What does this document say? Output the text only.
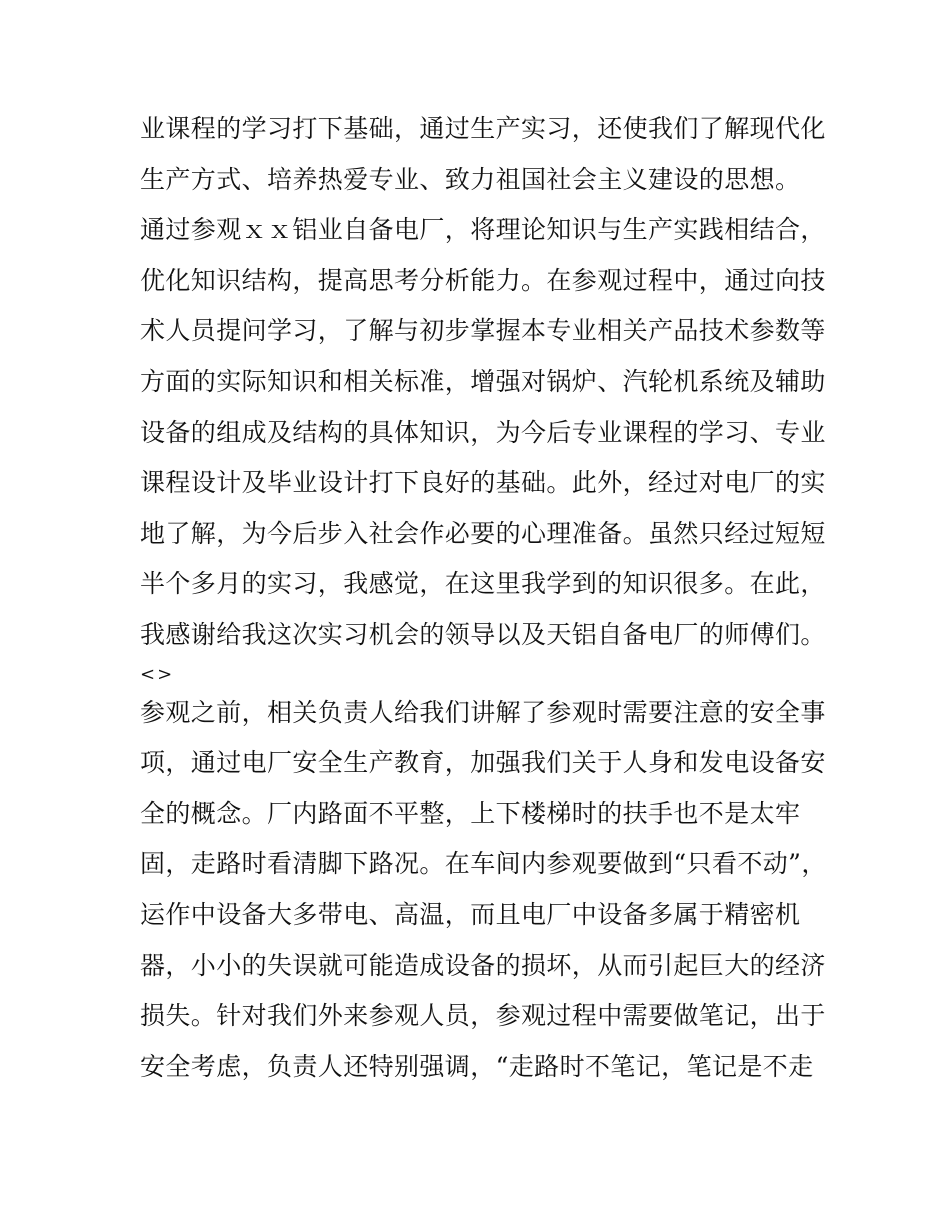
业课程的学习打下基础，通过生产实习，还使我们了解现代化
生产方式、培养热爱专业、致力祖国社会主义建设的思想。
通过参观ｘｘ铝业自备电厂，将理论知识与生产实践相结合，
优化知识结构，提高思考分析能力。在参观过程中，通过向技
术人员提问学习，了解与初步掌握本专业相关产品技术参数等
方面的实际知识和相关标准，增强对锅炉、汽轮机系统及辅助
设备的组成及结构的具体知识，为今后专业课程的学习、专业
课程设计及毕业设计打下良好的基础。此外，经过对电厂的实
地了解，为今后步入社会作必要的心理准备。虽然只经过短短
半个多月的实习，我感觉，在这里我学到的知识很多。在此，
我感谢给我这次实习机会的领导以及天铝自备电厂的师傅们。
<>
参观之前，相关负责人给我们讲解了参观时需要注意的安全事
项，通过电厂安全生产教育，加强我们关于人身和发电设备安
全的概念。厂内路面不平整，上下楼梯时的扶手也不是太牢
固，走路时看清脚下路况。在车间内参观要做到“只看不动”，
运作中设备大多带电、高温，而且电厂中设备多属于精密机
器，小小的失误就可能造成设备的损坏，从而引起巨大的经济
损失。针对我们外来参观人员，参观过程中需要做笔记，出于
安全考虑，负责人还特别强调，“走路时不笔记，笔记是不走
